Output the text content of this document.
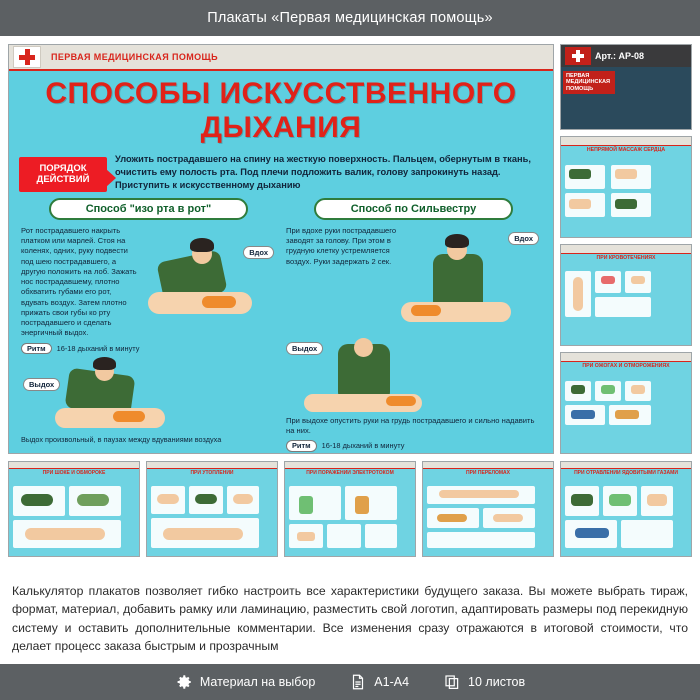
Плакаты «Первая медицинская помощь»
ПЕРВАЯ МЕДИЦИНСКАЯ ПОМОЩЬ
СПОСОБЫ ИСКУССТВЕННОГО ДЫХАНИЯ
ПОРЯДОК ДЕЙСТВИЙ
Уложить пострадавшего на спину на жесткую поверхность. Пальцем, обернутым в ткань, очистить ему полость рта. Под плечи подложить валик, голову запрокинуть назад. Приступить к искусственному дыханию
Способ "изо рта в рот"
Рот пострадавшего накрыть платком или марлей. Стоя на коленях, одних, руку подвести под шею пострадавшего, а другую положить на лоб. Зажать нос пострадавшему, плотно обхватить губами его рот, вдувать воздух. Затем плотно прижать свои губы ко рту пострадавшего и сделать энергичный выдох.
Вдох
Ритм 16-18 дыханий в минуту
Выдох
Выдох произвольный, в паузах между вдуваниями воздуха
Способ по Сильвестру
При вдохе руки пострадавшего заводят за голову. При этом в грудную клетку устремляется воздух. Руки задержать 2 сек.
Вдох
Выдох
При выдохе опустить руки на грудь пострадавшего и сильно надавить на них.
Ритм 16-18 дыханий в минуту
Арт.: АР-08
ПЕРВАЯ МЕДИЦИНСКАЯ ПОМОЩЬ
НЕПРЯМОЙ МАССАЖ СЕРДЦА
ПРИ КРОВОТЕЧЕНИЯХ
ПРИ ОЖОГАХ И ОТМОРОЖЕНИЯХ
ПРИ ШОКЕ И ОБМОРОКЕ	ПРИ УТОПЛЕНИИ	ПРИ ПОРАЖЕНИИ ЭЛЕКТРОТОКОМ	ПРИ ПЕРЕЛОМАХ	ПРИ ОТРАВЛЕНИИ ЯДОВИТЫМИ ГАЗАМИ
Калькулятор плакатов позволяет гибко настроить все характеристики будущего заказа. Вы можете выбрать тираж, формат, материал, добавить рамку или ламинацию, разместить свой логотип, адаптировать размеры под перекидную систему и оставить дополнительные комментарии. Все изменения сразу отражаются в итоговой стоимости, что делает процесс заказа быстрым и прозрачным
Материал на выбор	А1-А4	10 листов
